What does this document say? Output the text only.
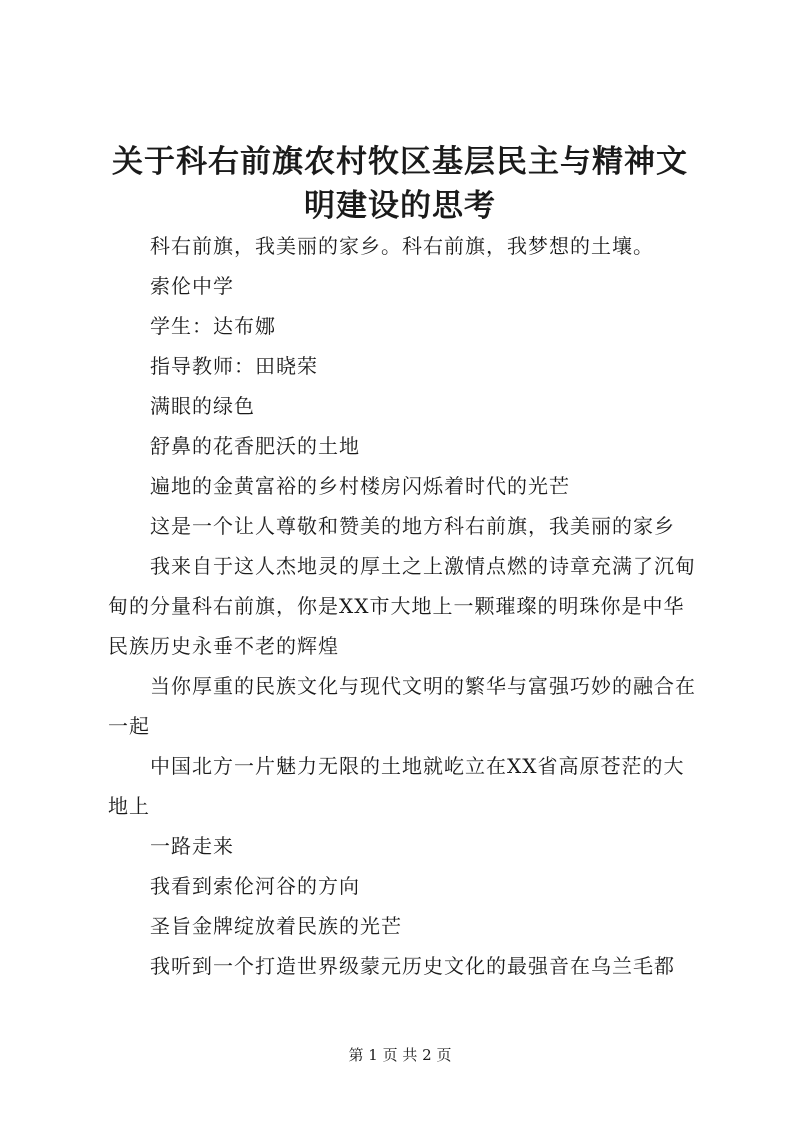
关于科右前旗农村牧区基层民主与精神文明建设的思考

科右前旗，我美丽的家乡。科右前旗，我梦想的土壤。

索伦中学

学生：达布娜

指导教师：田晓荣

满眼的绿色

舒鼻的花香肥沃的土地

遍地的金黄富裕的乡村楼房闪烁着时代的光芒

这是一个让人尊敬和赞美的地方科右前旗，我美丽的家乡

我来自于这人杰地灵的厚土之上激情点燃的诗章充满了沉甸甸的分量科右前旗，你是XX市大地上一颗璀璨的明珠你是中华民族历史永垂不老的辉煌

当你厚重的民族文化与现代文明的繁华与富强巧妙的融合在一起

中国北方一片魅力无限的土地就屹立在XX省高原苍茫的大地上

一路走来

我看到索伦河谷的方向

圣旨金牌绽放着民族的光芒

我听到一个打造世界级蒙元历史文化的最强音在乌兰毛都

第 1 页 共 2 页
